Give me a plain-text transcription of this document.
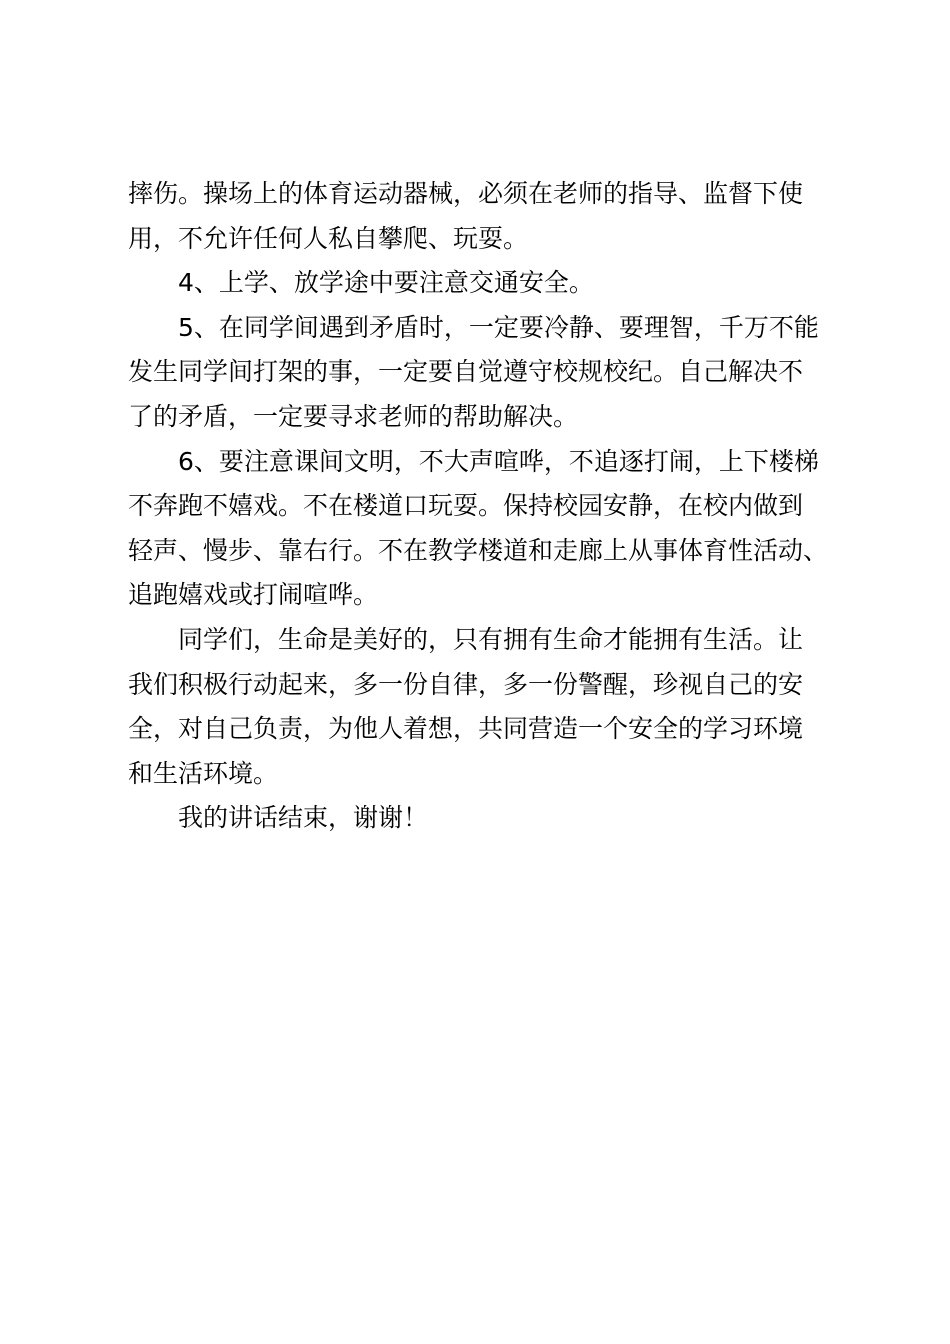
摔伤。操场上的体育运动器械，必须在老师的指导、监督下使
用，不允许任何人私自攀爬、玩耍。

4、上学、放学途中要注意交通安全。

5、在同学间遇到矛盾时，一定要冷静、要理智，千万不能
发生同学间打架的事，一定要自觉遵守校规校纪。自己解决不
了的矛盾，一定要寻求老师的帮助解决。

6、要注意课间文明，不大声喧哗，不追逐打闹，上下楼梯
不奔跑不嬉戏。不在楼道口玩耍。保持校园安静，在校内做到
轻声、慢步、靠右行。不在教学楼道和走廊上从事体育性活动、
追跑嬉戏或打闹喧哗。

同学们，生命是美好的，只有拥有生命才能拥有生活。让
我们积极行动起来，多一份自律，多一份警醒，珍视自己的安
全，对自己负责，为他人着想，共同营造一个安全的学习环境
和生活环境。

我的讲话结束，谢谢！
